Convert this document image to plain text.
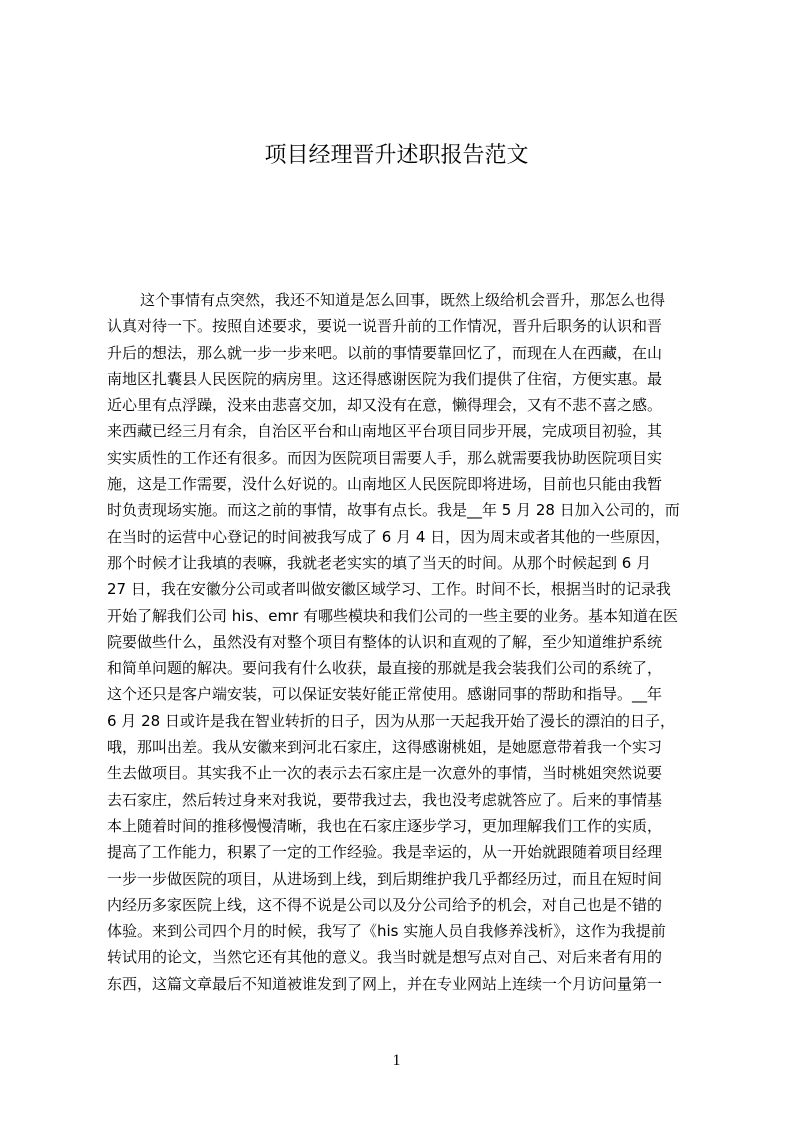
项目经理晋升述职报告范文
这个事情有点突然，我还不知道是怎么回事，既然上级给机会晋升，那怎么也得
认真对待一下。按照自述要求，要说一说晋升前的工作情况，晋升后职务的认识和晋
升后的想法，那么就一步一步来吧。以前的事情要靠回忆了，而现在人在西藏，在山
南地区扎囊县人民医院的病房里。这还得感谢医院为我们提供了住宿，方便实惠。最
近心里有点浮躁，没来由悲喜交加，却又没有在意，懒得理会，又有不悲不喜之感。
来西藏已经三月有余，自治区平台和山南地区平台项目同步开展，完成项目初验，其
实实质性的工作还有很多。而因为医院项目需要人手，那么就需要我协助医院项目实
施，这是工作需要，没什么好说的。山南地区人民医院即将进场，目前也只能由我暂
时负责现场实施。而这之前的事情，故事有点长。我是__年 5 月 28 日加入公司的，而
在当时的运营中心登记的时间被我写成了 6 月 4 日，因为周末或者其他的一些原因，
那个时候才让我填的表嘛，我就老老实实的填了当天的时间。从那个时候起到 6 月
27 日，我在安徽分公司或者叫做安徽区域学习、工作。时间不长，根据当时的记录我
开始了解我们公司 his、emr 有哪些模块和我们公司的一些主要的业务。基本知道在医
院要做些什么，虽然没有对整个项目有整体的认识和直观的了解，至少知道维护系统
和简单问题的解决。要问我有什么收获，最直接的那就是我会装我们公司的系统了，
这个还只是客户端安装，可以保证安装好能正常使用。感谢同事的帮助和指导。__年
6 月 28 日或许是我在智业转折的日子，因为从那一天起我开始了漫长的漂泊的日子，
哦，那叫出差。我从安徽来到河北石家庄，这得感谢桃姐，是她愿意带着我一个实习
生去做项目。其实我不止一次的表示去石家庄是一次意外的事情，当时桃姐突然说要
去石家庄，然后转过身来对我说，要带我过去，我也没考虑就答应了。后来的事情基
本上随着时间的推移慢慢清晰，我也在石家庄逐步学习，更加理解我们工作的实质，
提高了工作能力，积累了一定的工作经验。我是幸运的，从一开始就跟随着项目经理
一步一步做医院的项目，从进场到上线，到后期维护我几乎都经历过，而且在短时间
内经历多家医院上线，这不得不说是公司以及分公司给予的机会，对自己也是不错的
体验。来到公司四个月的时候，我写了《his 实施人员自我修养浅析》，这作为我提前
转试用的论文，当然它还有其他的意义。我当时就是想写点对自己、对后来者有用的
东西，这篇文章最后不知道被谁发到了网上，并在专业网站上连续一个月访问量第一
1
